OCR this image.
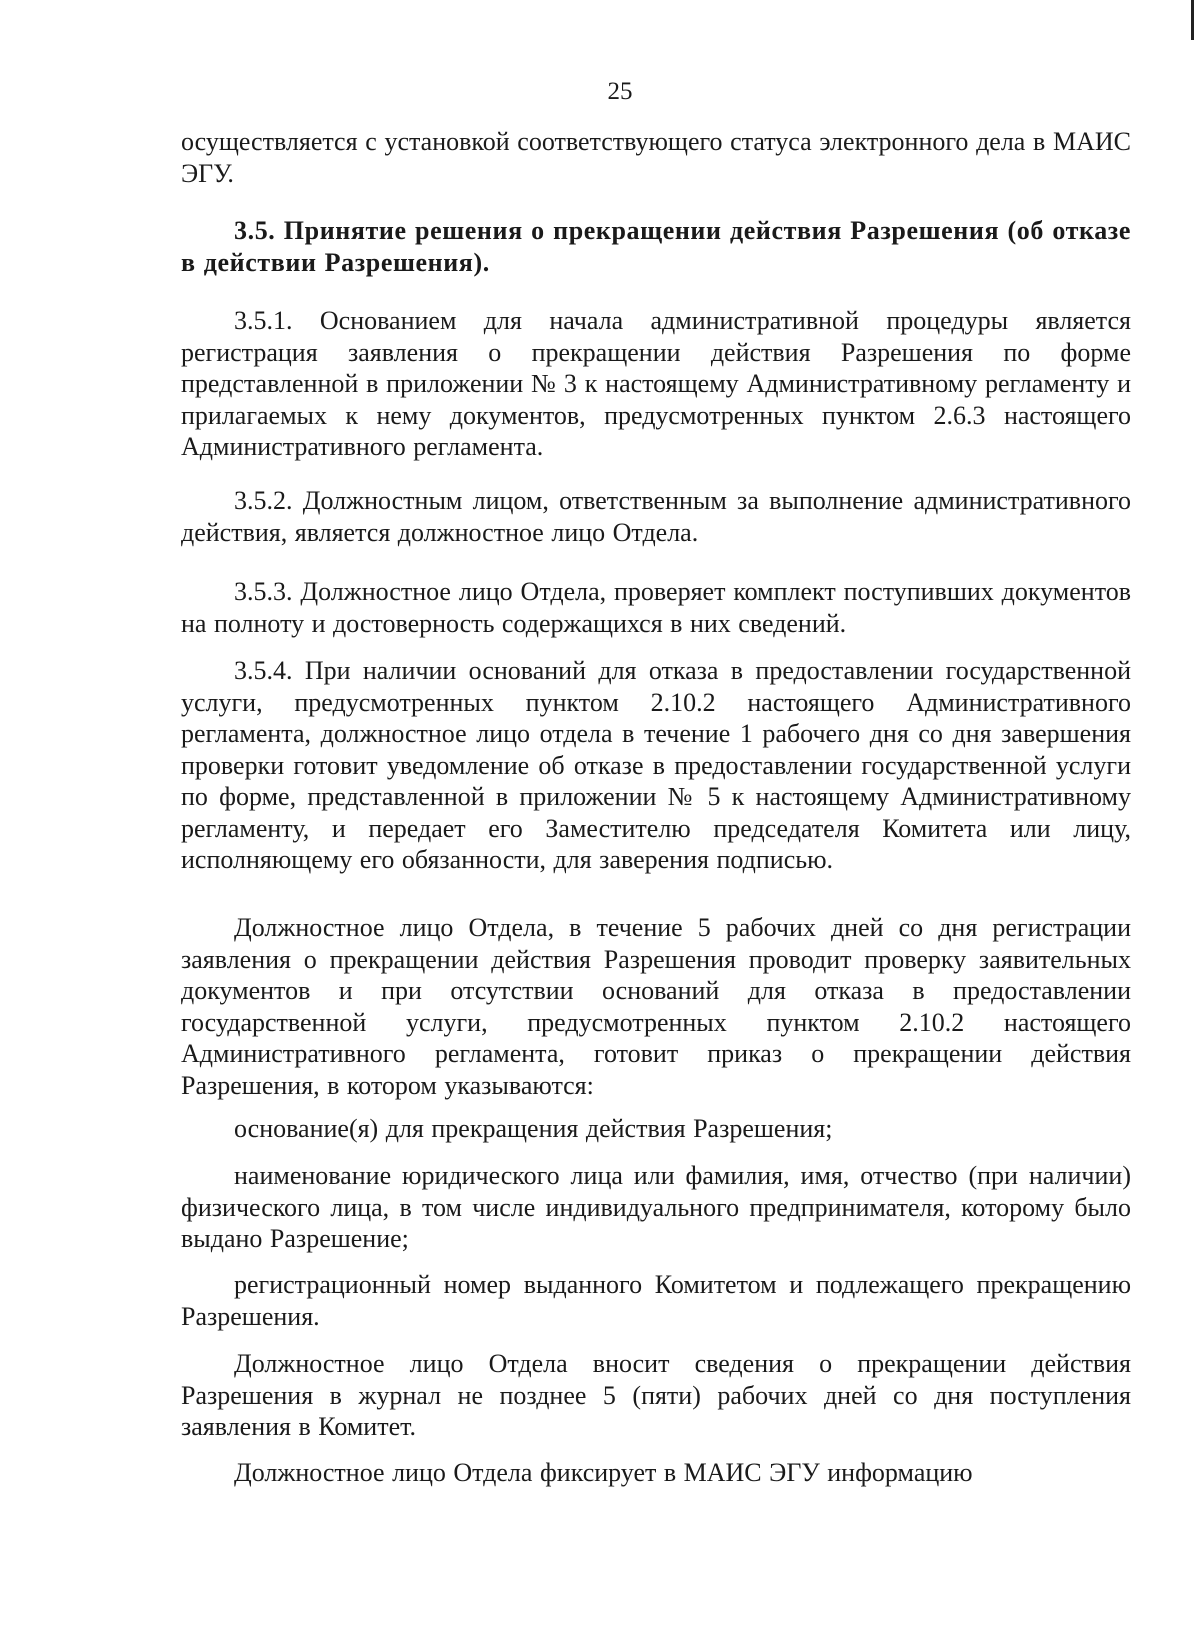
25

осуществляется с установкой соответствующего статуса электронного дела в МАИС ЭГУ.

3.5. Принятие решения о прекращении действия Разрешения (об отказе в действии Разрешения).

3.5.1. Основанием для начала административной процедуры является регистрация заявления о прекращении действия Разрешения по форме представленной в приложении № 3 к настоящему Административному регламенту и прилагаемых к нему документов, предусмотренных пунктом 2.6.3 настоящего Административного регламента.

3.5.2. Должностным лицом, ответственным за выполнение административного действия, является должностное лицо Отдела.

3.5.3. Должностное лицо Отдела, проверяет комплект поступивших документов на полноту и достоверность содержащихся в них сведений.

3.5.4. При наличии оснований для отказа в предоставлении государственной услуги, предусмотренных пунктом 2.10.2 настоящего Административного регламента, должностное лицо отдела в течение 1 рабочего дня со дня завершения проверки готовит уведомление об отказе в предоставлении государственной услуги по форме, представленной в приложении № 5 к настоящему Административному регламенту, и передает его Заместителю председателя Комитета или лицу, исполняющему его обязанности, для заверения подписью.

Должностное лицо Отдела, в течение 5 рабочих дней со дня регистрации заявления о прекращении действия Разрешения проводит проверку заявительных документов и при отсутствии оснований для отказа в предоставлении государственной услуги, предусмотренных пунктом 2.10.2 настоящего Административного регламента, готовит приказ о прекращении действия Разрешения, в котором указываются:

основание(я) для прекращения действия Разрешения;

наименование юридического лица или фамилия, имя, отчество (при наличии) физического лица, в том числе индивидуального предпринимателя, которому было выдано Разрешение;

регистрационный номер выданного Комитетом и подлежащего прекращению Разрешения.

Должностное лицо Отдела вносит сведения о прекращении действия Разрешения в журнал не позднее 5 (пяти) рабочих дней со дня поступления заявления в Комитет.

Должностное лицо Отдела фиксирует в МАИС ЭГУ информацию
